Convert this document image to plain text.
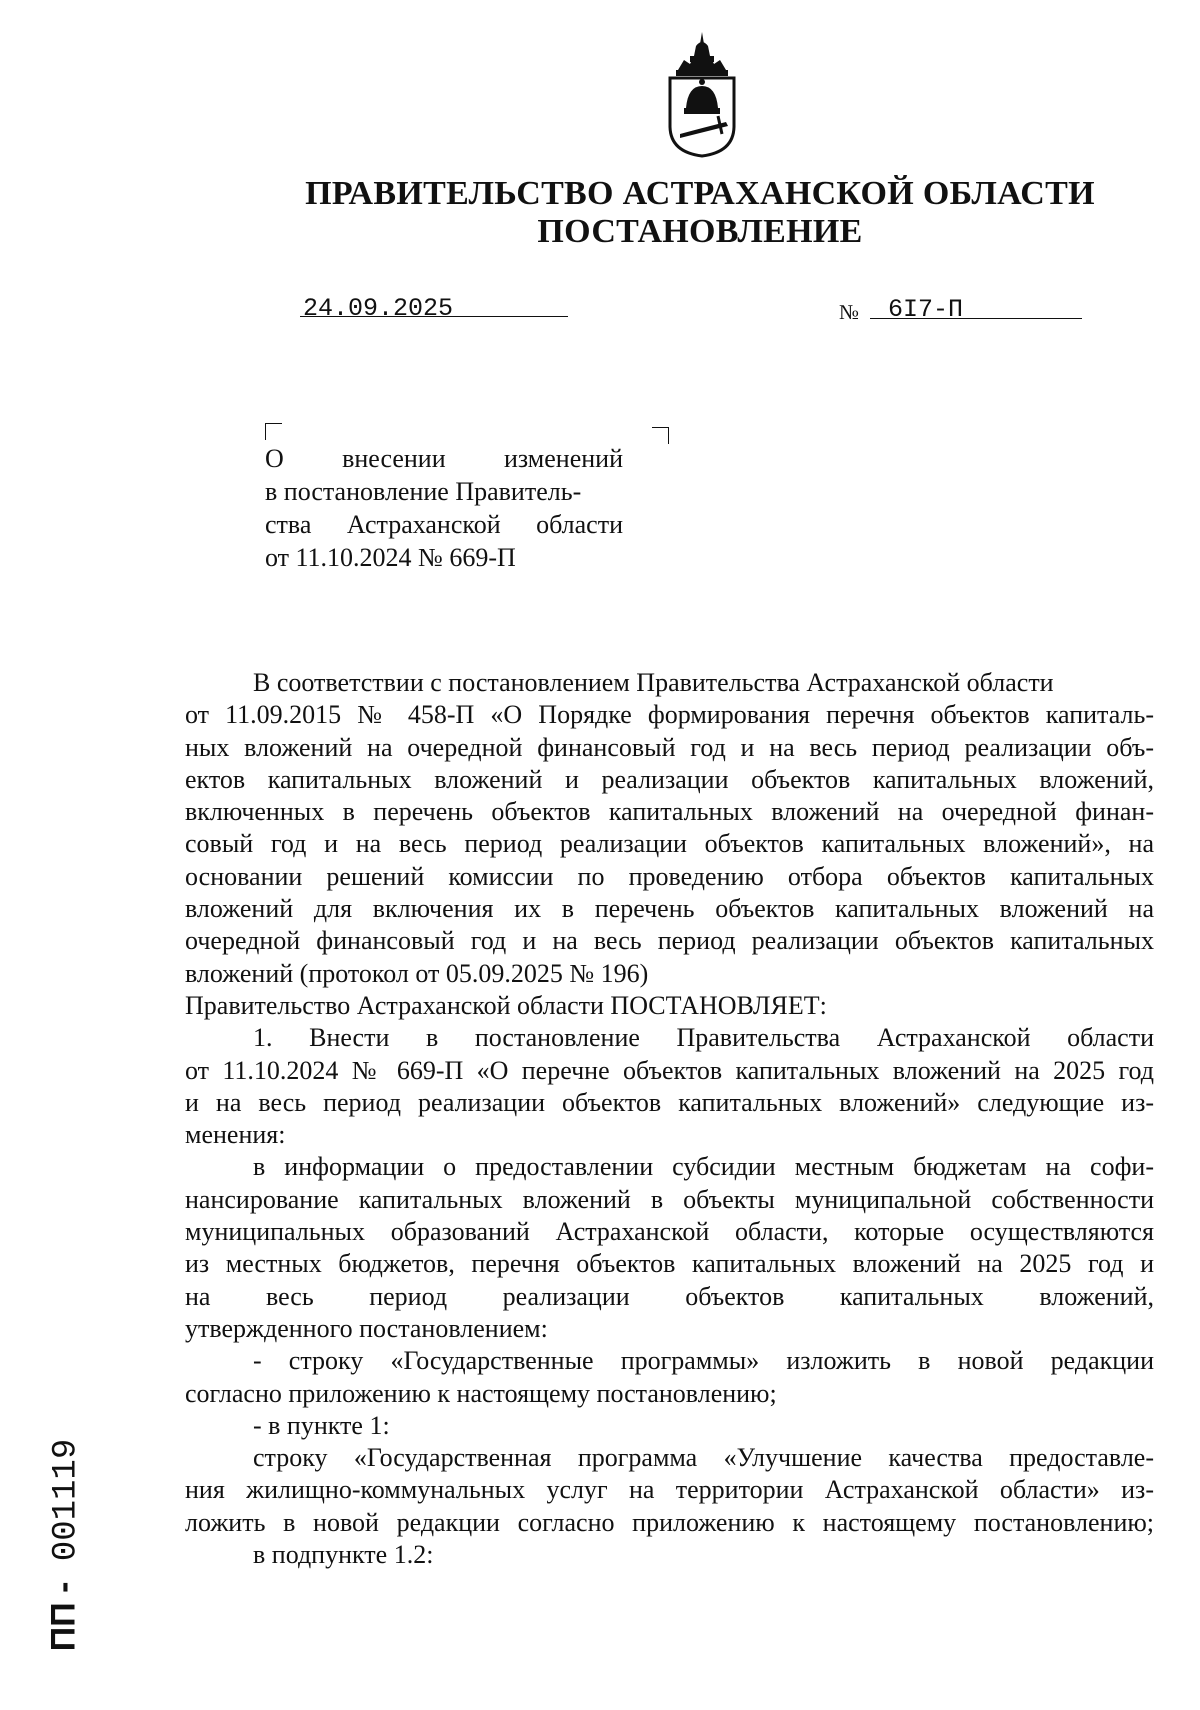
ПРАВИТЕЛЬСТВО АСТРАХАНСКОЙ ОБЛАСТИ
ПОСТАНОВЛЕНИЕ
24.09.2025	№ 6I7-П
О внесении изменений
в постановление Правитель-
ства Астраханской области
от 11.10.2024 № 669-П
В соответствии с постановлением Правительства Астраханской области
от 11.09.2015 № 458-П «О Порядке формирования перечня объектов капиталь-
ных вложений на очередной финансовый год и на весь период реализации объ-
ектов капитальных вложений и реализации объектов капитальных вложений,
включенных в перечень объектов капитальных вложений на очередной финан-
совый год и на весь период реализации объектов капитальных вложений», на
основании решений комиссии по проведению отбора объектов капитальных
вложений для включения их в перечень объектов капитальных вложений на
очередной финансовый год и на весь период реализации объектов капитальных
вложений (протокол от 05.09.2025 № 196)
Правительство Астраханской области ПОСТАНОВЛЯЕТ:
1. Внести в постановление Правительства Астраханской области
от 11.10.2024 № 669-П «О перечне объектов капитальных вложений на 2025 год
и на весь период реализации объектов капитальных вложений» следующие из-
менения:
в информации о предоставлении субсидии местным бюджетам на софи-
нансирование капитальных вложений в объекты муниципальной собственности
муниципальных образований Астраханской области, которые осуществляются
из местных бюджетов, перечня объектов капитальных вложений на 2025 год и
на весь период реализации объектов капитальных вложений,
утвержденного постановлением:
- строку «Государственные программы» изложить в новой редакции
согласно приложению к настоящему постановлению;
- в пункте 1:
строку «Государственная программа «Улучшение качества предоставле-
ния жилищно-коммунальных услуг на территории Астраханской области» из-
ложить в новой редакции согласно приложению к настоящему постановлению;
в подпункте 1.2:
ПП - 001119
